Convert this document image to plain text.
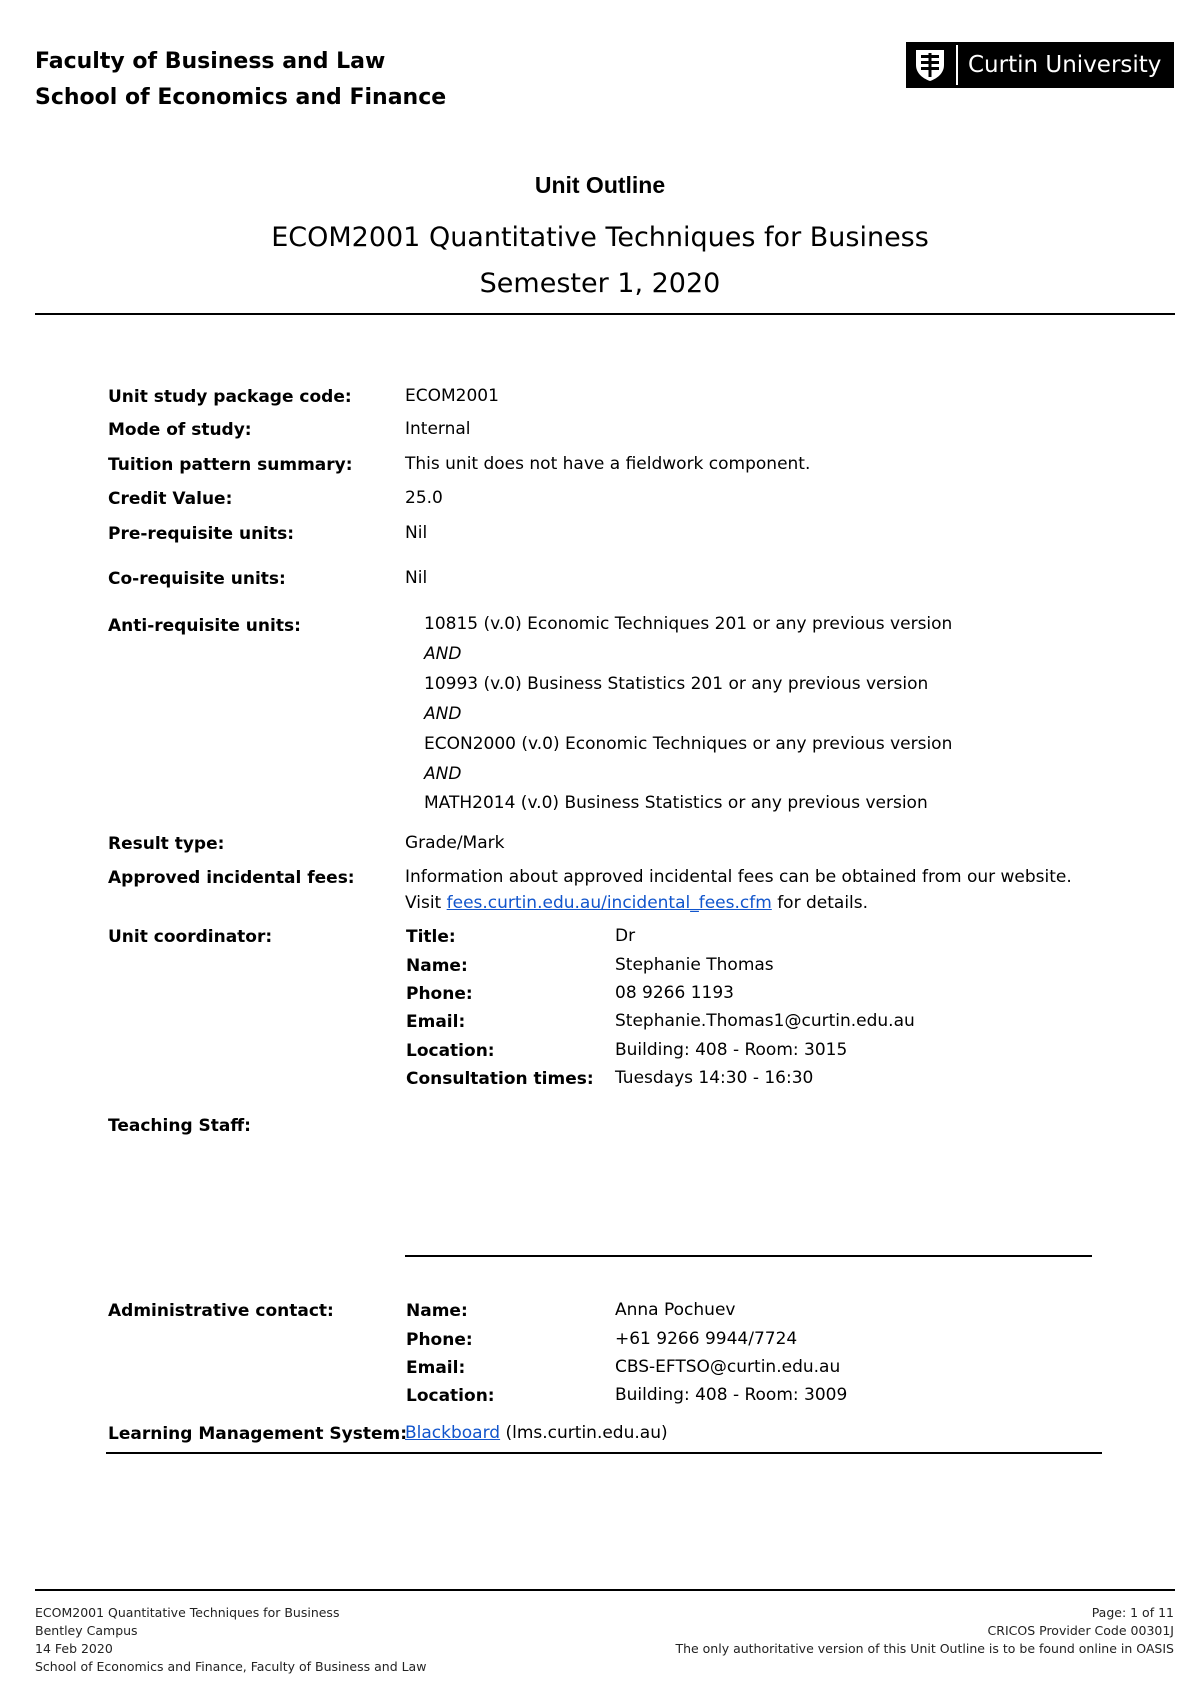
Faculty of Business and Law
School of Economics and Finance
Curtin University
Unit Outline
ECOM2001 Quantitative Techniques for Business
Semester 1, 2020
Unit study package code:	ECOM2001
Mode of study:	Internal
Tuition pattern summary:	This unit does not have a fieldwork component.
Credit Value:	25.0
Pre-requisite units:	Nil
Co-requisite units:	Nil
Anti-requisite units:	10815 (v.0) Economic Techniques 201 or any previous version
AND
10993 (v.0) Business Statistics 201 or any previous version
AND
ECON2000 (v.0) Economic Techniques or any previous version
AND
MATH2014 (v.0) Business Statistics or any previous version
Result type:	Grade/Mark
Approved incidental fees:	Information about approved incidental fees can be obtained from our website.
Visit fees.curtin.edu.au/incidental_fees.cfm for details.
Unit coordinator:	Title:	Dr
Name:	Stephanie Thomas
Phone:	08 9266 1193
Email:	Stephanie.Thomas1@curtin.edu.au
Location:	Building: 408 - Room: 3015
Consultation times: Tuesdays 14:30 - 16:30
Teaching Staff:
Administrative contact:	Name:	Anna Pochuev
Phone:	+61 9266 9944/7724
Email:	CBS-EFTSO@curtin.edu.au
Location:	Building: 408 - Room: 3009
Learning Management System:
Blackboard (lms.curtin.edu.au)
ECOM2001 Quantitative Techniques for Business
Bentley Campus
14 Feb 2020
School of Economics and Finance, Faculty of Business and Law
Page: 1 of 11
CRICOS Provider Code 00301J
The only authoritative version of this Unit Outline is to be found online in OASIS
